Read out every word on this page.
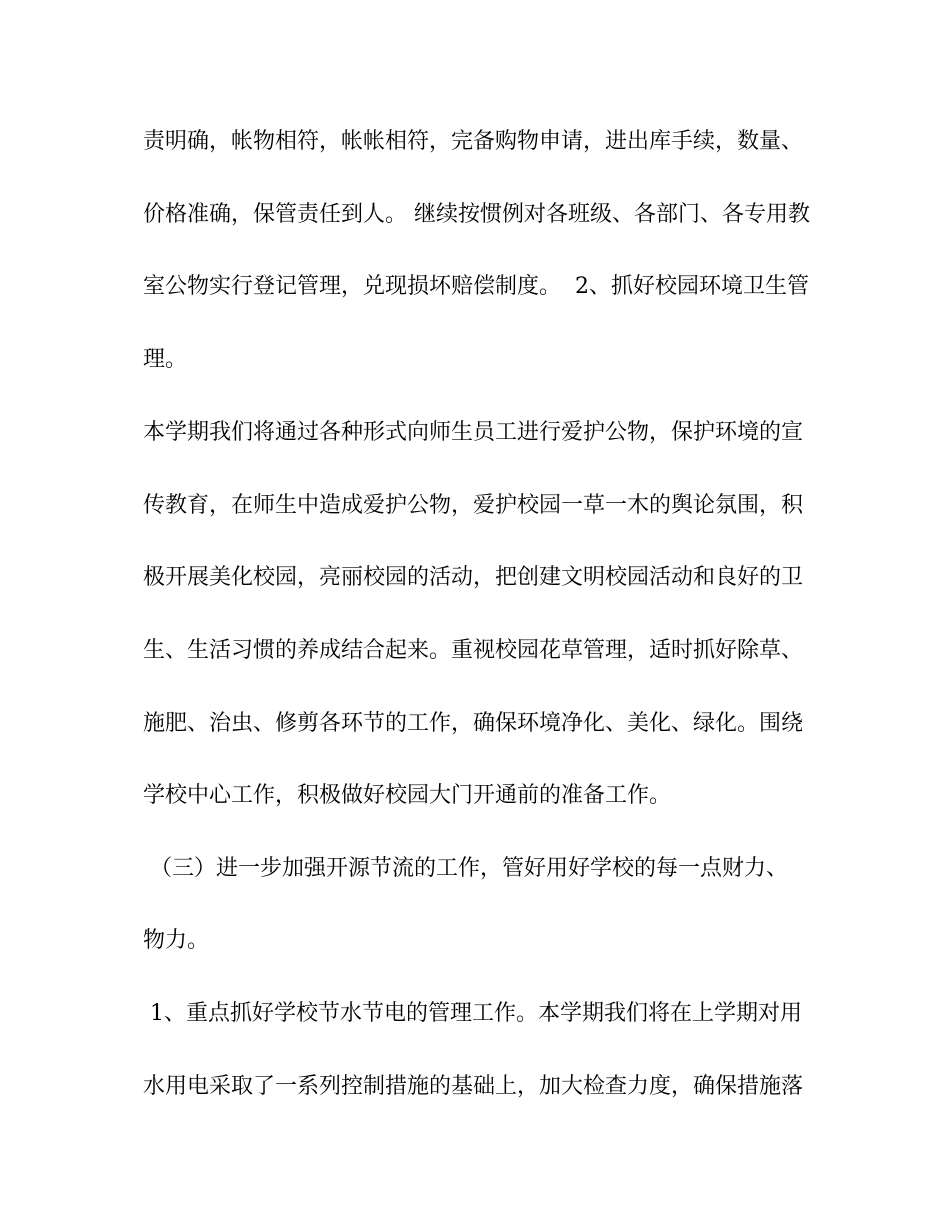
责明确，帐物相符，帐帐相符，完备购物申请，进出库手续，数量、

价格准确，保管责任到人。 继续按惯例对各班级、各部门、各专用教

室公物实行登记管理，兑现损坏赔偿制度。  2、抓好校园环境卫生管

理。

本学期我们将通过各种形式向师生员工进行爱护公物，保护环境的宣

传教育，在师生中造成爱护公物，爱护校园一草一木的舆论氛围，积

极开展美化校园，亮丽校园的活动，把创建文明校园活动和良好的卫

生、生活习惯的养成结合起来。重视校园花草管理，适时抓好除草、

施肥、治虫、修剪各环节的工作，确保环境净化、美化、绿化。围绕

学校中心工作，积极做好校园大门开通前的准备工作。

（三）进一步加强开源节流的工作，管好用好学校的每一点财力、

物力。

1、重点抓好学校节水节电的管理工作。本学期我们将在上学期对用

水用电采取了一系列控制措施的基础上，加大检查力度，确保措施落
